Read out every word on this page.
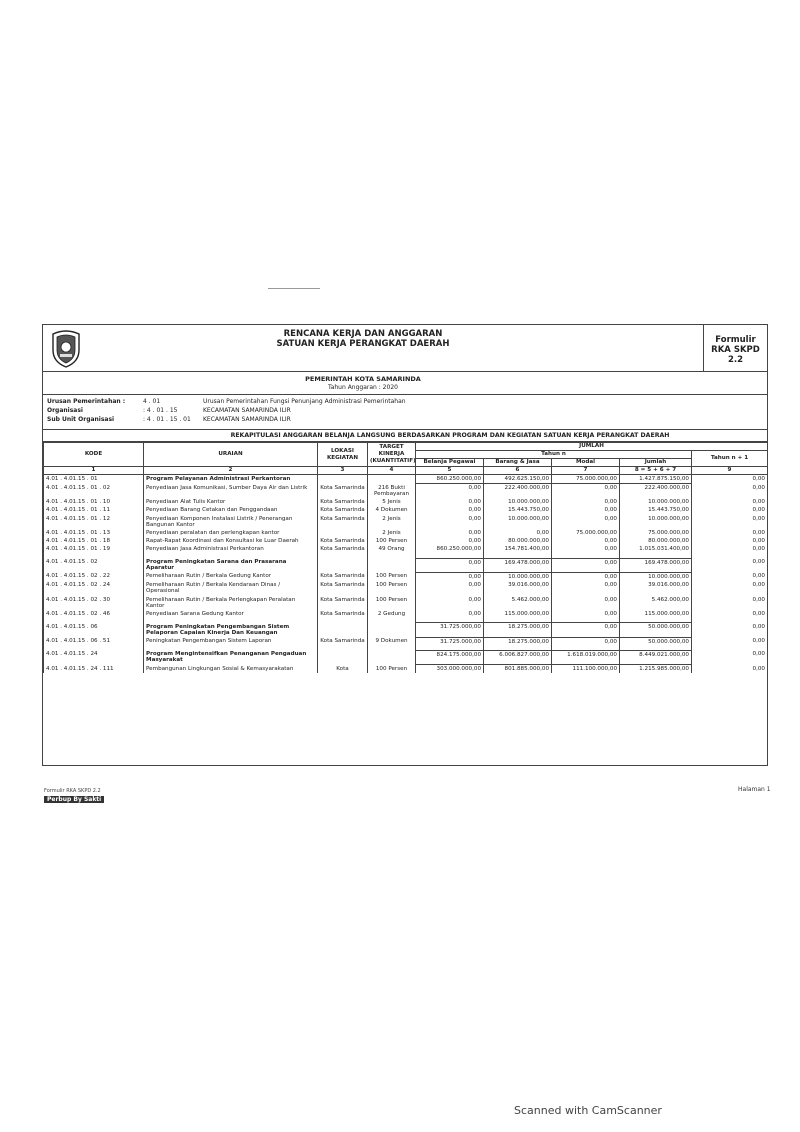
RENCANA KERJA DAN ANGGARAN
SATUAN KERJA PERANGKAT DAERAH	Formulir
RKA SKPD
2.2
PEMERINTAH KOTA SAMARINDA
Tahun Anggaran : 2020
Urusan Pemerintahan :	4 . 01	Urusan Pemerintahan Fungsi Penunjang Administrasi Pemerintahan
Organisasi	: 4 . 01 . 15	KECAMATAN SAMARINDA ILIR
Sub Unit Organisasi	: 4 . 01 . 15 . 01	KECAMATAN SAMARINDA ILIR
REKAPITULASI ANGGARAN BELANJA LANGSUNG BERDASARKAN PROGRAM DAN KEGIATAN SATUAN KERJA PERANGKAT DAERAH
KODE	URAIAN	LOKASI KEGIATAN	TARGET KINERJA (KUANTITATIF)	JUMLAH				
				Tahun n				Tahun n + 1
				Belanja Pegawai	Barang & Jasa	Modal	Jumlah	
1	2	3	4	5	6	7	8 = 5 + 6 + 7	9
4.01 . 4.01.15 . 01	Program Pelayanan Administrasi Perkantoran			860.250.000,00	492.625.150,00	75.000.000,00	1.427.875.150,00	0,00
4.01 . 4.01.15 . 01 . 02	Penyediaan Jasa Komunikasi, Sumber Daya Air dan Listrik	Kota Samarinda	216 Bukti Pembayaran	0,00	222.400.000,00	0,00	222.400.000,00	0,00
4.01 . 4.01.15 . 01 . 10	Penyediaan Alat Tulis Kantor	Kota Samarinda	5 Jenis	0,00	10.000.000,00	0,00	10.000.000,00	0,00
4.01 . 4.01.15 . 01 . 11	Penyediaan Barang Cetakan dan Penggandaan	Kota Samarinda	4 Dokumen	0,00	15.443.750,00	0,00	15.443.750,00	0,00
4.01 . 4.01.15 . 01 . 12	Penyediaan Komponen Instalasi Listrik / Penerangan Bangunan Kantor	Kota Samarinda	2 Jenis	0,00	10.000.000,00	0,00	10.000.000,00	0,00
4.01 . 4.01.15 . 01 . 13	Penyediaan peralatan dan perlengkapan kantor		2 Jenis	0,00	0,00	75.000.000,00	75.000.000,00	0,00
4.01 . 4.01.15 . 01 . 18	Rapat-Rapat Koordinasi dan Konsultasi ke Luar Daerah	Kota Samarinda	100 Persen	0,00	80.000.000,00	0,00	80.000.000,00	0,00
4.01 . 4.01.15 . 01 . 19	Penyediaan Jasa Administrasi Perkantoran	Kota Samarinda	49 Orang	860.250.000,00	154.781.400,00	0,00	1.015.031.400,00	0,00

4.01 . 4.01.15 . 02	Program Peningkatan Sarana dan Prasarana Aparatur			0,00	169.478.000,00	0,00	169.478.000,00	0,00
4.01 . 4.01.15 . 02 . 22	Pemeliharaan Rutin / Berkala Gedung Kantor	Kota Samarinda	100 Persen	0,00	10.000.000,00	0,00	10.000.000,00	0,00
4.01 . 4.01.15 . 02 . 24	Pemeliharaan Rutin / Berkala Kendaraan Dinas / Operasional	Kota Samarinda	100 Persen	0,00	39.016.000,00	0,00	39.016.000,00	0,00
4.01 . 4.01.15 . 02 . 30	Pemeliharaan Rutin / Berkala Perlengkapan Peralatan Kantor	Kota Samarinda	100 Persen	0,00	5.462.000,00	0,00	5.462.000,00	0,00
4.01 . 4.01.15 . 02 . 46	Penyediaan Sarana Gedung Kantor	Kota Samarinda	2 Gedung	0,00	115.000.000,00	0,00	115.000.000,00	0,00

4.01 . 4.01.15 . 06	Program Peningkatan Pengembangan Sistem Pelaporan Capaian Kinerja Dan Keuangan			31.725.000,00	18.275.000,00	0,00	50.000.000,00	0,00
4.01 . 4.01.15 . 06 . 51	Peningkatan Pengembangan Sistem Laporan	Kota Samarinda	9 Dokumen	31.725.000,00	18.275.000,00	0,00	50.000.000,00	0,00

4.01 . 4.01.15 . 24	Program Mengintensifkan Penanganan Pengaduan Masyarakat			824.175.000,00	6.006.827.000,00	1.618.019.000,00	8.449.021.000,00	0,00
4.01 . 4.01.15 . 24 . 111	Pembangunan Lingkungan Sosial & Kemasyarakatan	Kota	100 Persen	303.000.000,00	801.885.000,00	111.100.000,00	1.215.985.000,00	0,00
Formulir RKA SKPD 2.2	Halaman 1
Perbup By Sakti
Scanned with CamScanner
